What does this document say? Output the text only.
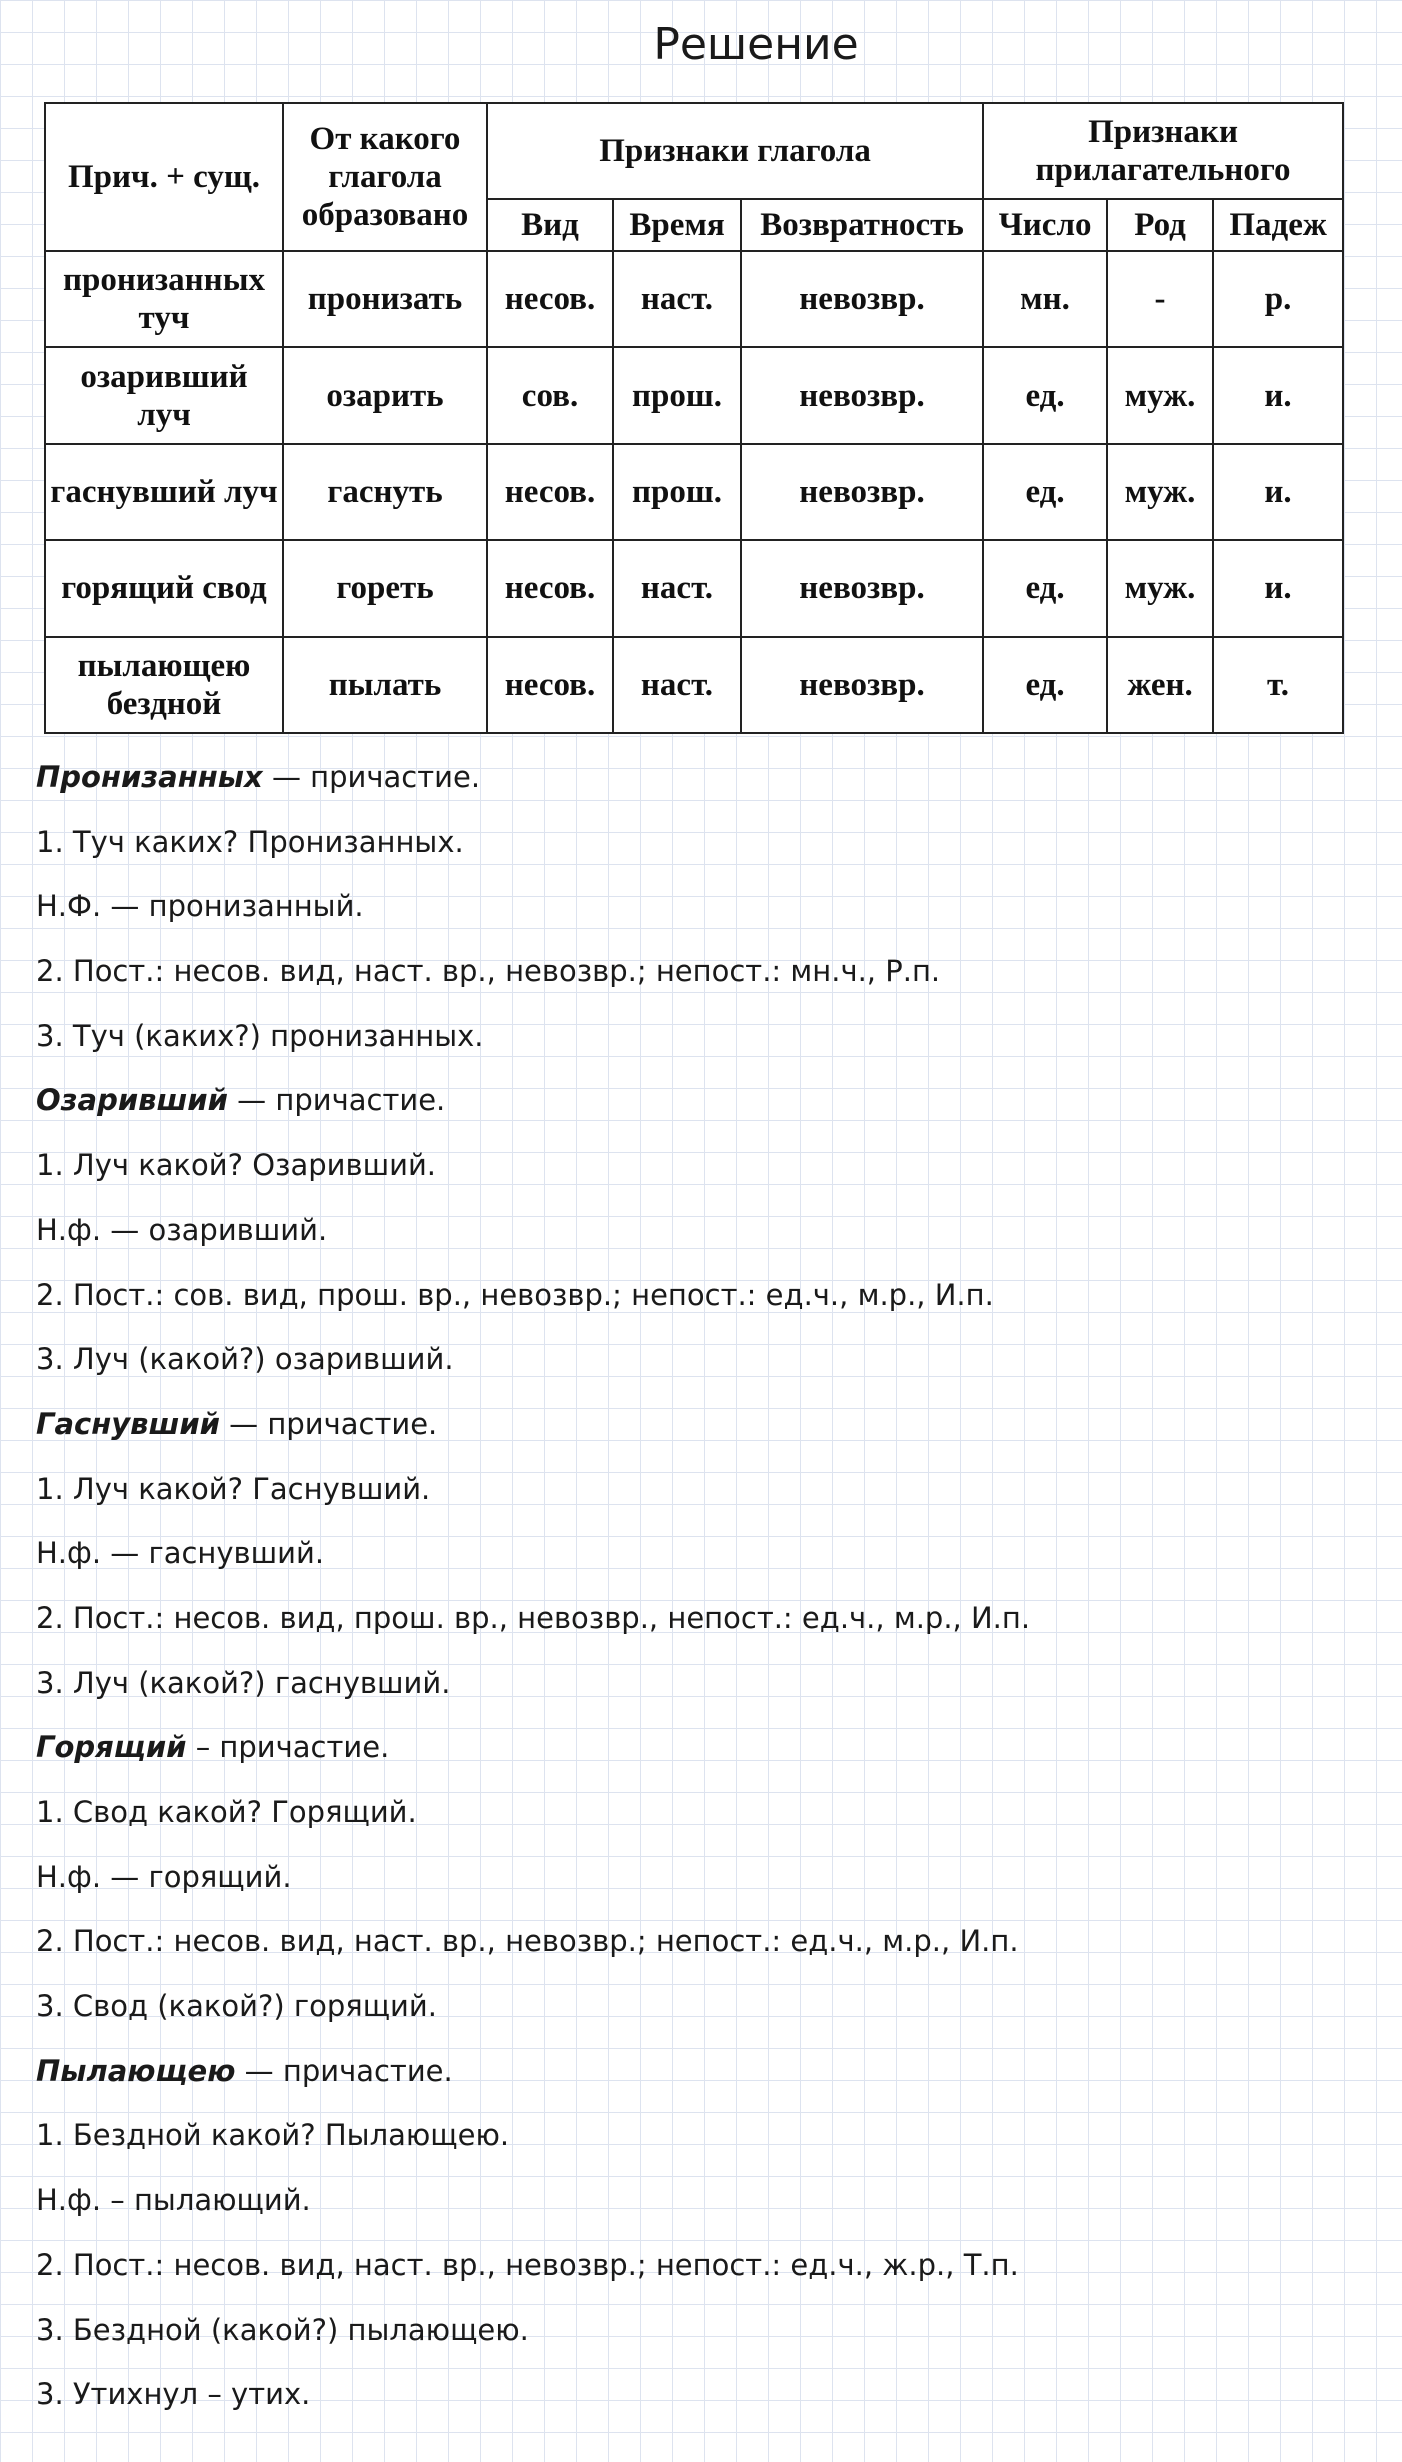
Решение
Прич. + сущ.	От какого глагола образовано	Признаки глагола			Признаки прилагательного		
		Вид	Время	Возвратность	Число	Род	Падеж
пронизанных туч	пронизать	несов.	наст.	невозвр.	мн.	-	р.
озаривший луч	озарить	сов.	прош.	невозвр.	ед.	муж.	и.
гаснувший луч	гаснуть	несов.	прош.	невозвр.	ед.	муж.	и.
горящий свод	гореть	несов.	наст.	невозвр.	ед.	муж.	и.
пылающею бездной	пылать	несов.	наст.	невозвр.	ед.	жен.	т.
Пронизанных — причастие.
1. Туч каких? Пронизанных.
Н.Ф. — пронизанный.
2. Пост.: несов. вид, наст. вр., невозвр.; непост.: мн.ч., Р.п.
3. Туч (каких?) пронизанных.
Озаривший — причастие.
1. Луч какой? Озаривший.
Н.ф. — озаривший.
2. Пост.: сов. вид, прош. вр., невозвр.; непост.: ед.ч., м.р., И.п.
3. Луч (какой?) озаривший.
Гаснувший — причастие.
1. Луч какой? Гаснувший.
Н.ф. — гаснувший.
2. Пост.: несов. вид, прош. вр., невозвр., непост.: ед.ч., м.р., И.п.
3. Луч (какой?) гаснувший.
Горящий – причастие.
1. Свод какой? Горящий.
Н.ф. — горящий.
2. Пост.: несов. вид, наст. вр., невозвр.; непост.: ед.ч., м.р., И.п.
3. Свод (какой?) горящий.
Пылающею — причастие.
1. Бездной какой? Пылающею.
Н.ф. – пылающий.
2. Пост.: несов. вид, наст. вр., невозвр.; непост.: ед.ч., ж.р., Т.п.
3. Бездной (какой?) пылающею.
3. Утихнул – утих.
